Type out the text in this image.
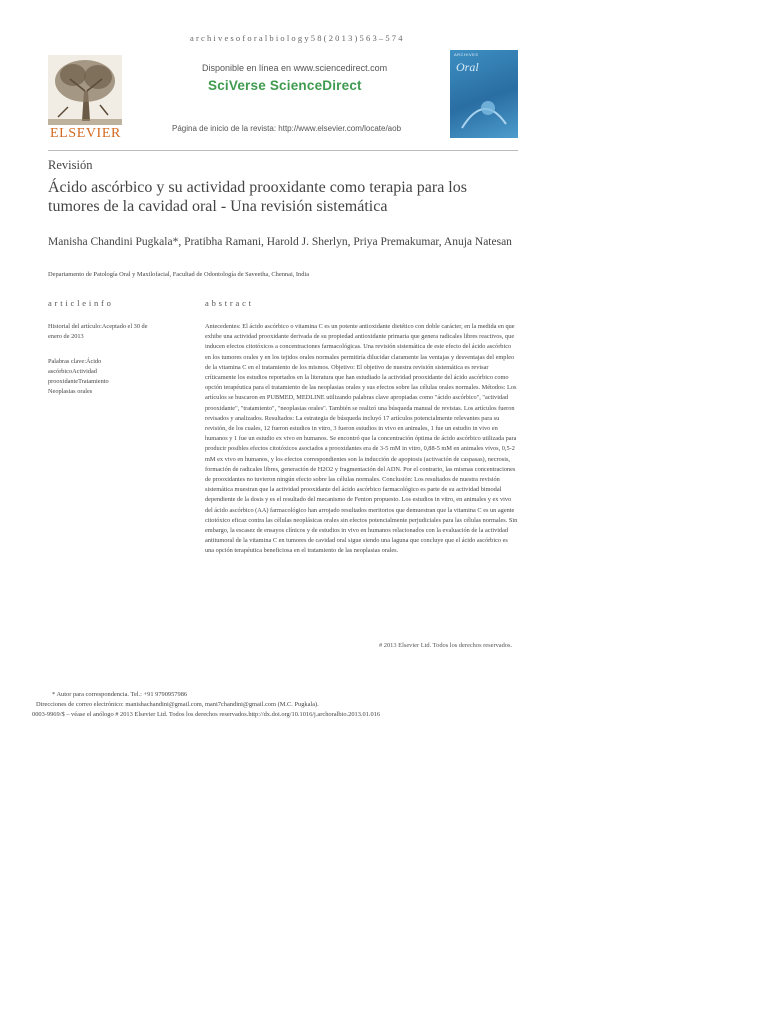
archivesoforalbiology58(2013)563–574
ELSEVIER
Disponible en línea en www.sciencedirect.com
SciVerse ScienceDirect
Página de inicio de la revista: http://www.elsevier.com/locate/aob
ARCHIVES
Oral
Revisión
Ácido ascórbico y su actividad prooxidante como terapia para los tumores de la cavidad oral - Una revisión sistemática
Manisha Chandini Pugkala*, Pratibha Ramani, Harold J. Sherlyn, Priya Premakumar, Anuja Natesan
Departamento de Patología Oral y Maxilofacial, Facultad de Odontología de Saveetha, Chennai, India
articleinfo	abstract
Historial del artículo:Aceptado el 30 de enero de 2013
Palabras clave:Ácido ascórbicoActividad prooxidanteTratamiento Neoplasias orales
Antecedentes: El ácido ascórbico o vitamina C es un potente antioxidante dietético con doble carácter, en la medida en que exhibe una actividad prooxidante derivada de su propiedad antioxidante primaria que genera radicales libres reactivos, que inducen efectos citotóxicos a concentraciones farmacológicas. Una revisión sistemática de este efecto del ácido ascórbico en los tumores orales y en los tejidos orales normales permitiría dilucidar claramente las ventajas y desventajas del empleo de la vitamina C en el tratamiento de los mismos. Objetivo: El objetivo de nuestra revisión sistemática es revisar críticamente los estudios reportados en la literatura que han estudiado la actividad prooxidante del ácido ascórbico como opción terapéutica para el tratamiento de las neoplasias orales y sus efectos sobre las células orales normales. Métodos: Los artículos se buscaron en PUBMED, MEDLINE utilizando palabras clave apropiadas como "ácido ascórbico", "actividad prooxidante", "tratamiento", "neoplasias orales". También se realizó una búsqueda manual de revistas. Los artículos fueron revisados y analizados. Resultados: La estrategia de búsqueda incluyó 17 artículos potencialmente relevantes para su revisión, de los cuales, 12 fueron estudios in vitro, 3 fueron estudios in vivo en animales, 1 fue un estudio in vivo en humanos y 1 fue un estudio ex vivo en humanos. Se encontró que la concentración óptima de ácido ascórbico utilizada para producir posibles efectos citotóxicos asociados a prooxidantes era de 3-5 mM in vitro, 0,88-5 mM en animales vivos, 0,5-2 mM ex vivo en humanos, y los efectos correspondientes son la inducción de apoptosis (activación de caspasas), necrosis, formación de radicales libres, generación de H2O2 y fragmentación del ADN. Por el contrario, las mismas concentraciones de prooxidantes no tuvieron ningún efecto sobre las células normales. Conclusión: Los resultados de nuestra revisión sistemática muestran que la actividad prooxidante del ácido ascórbico farmacológico es parte de su actividad bimodal dependiente de la dosis y es el resultado del mecanismo de Fenton propuesto. Los estudios in vitro, en animales y ex vivo del ácido ascórbico (AA) farmacológico han arrojado resultados meritorios que demuestran que la vitamina C es un agente citotóxico eficaz contra las células neoplásicas orales sin efectos potencialmente perjudiciales para las células normales. Sin embargo, la escasez de ensayos clínicos y de estudios in vivo en humanos relacionados con la evaluación de la actividad antitumoral de la vitamina C en tumores de cavidad oral sigue siendo una laguna que concluye que el ácido ascórbico es una opción terapéutica beneficiosa en el tratamiento de las neoplasias orales.
# 2013 Elsevier Ltd. Todos los derechos reservados.
* Autor para correspondencia. Tel.: +91 9790957986
Direcciones de correo electrónico: manishachandini@gmail.com, mani7chandini@gmail.com (M.C. Pugkala).
0003-9969/$ – véase el anólogo # 2013 Elsevier Ltd. Todos los derechos reservados.http://dx.doi.org/10.1016/j.archoralbio.2013.01.016
